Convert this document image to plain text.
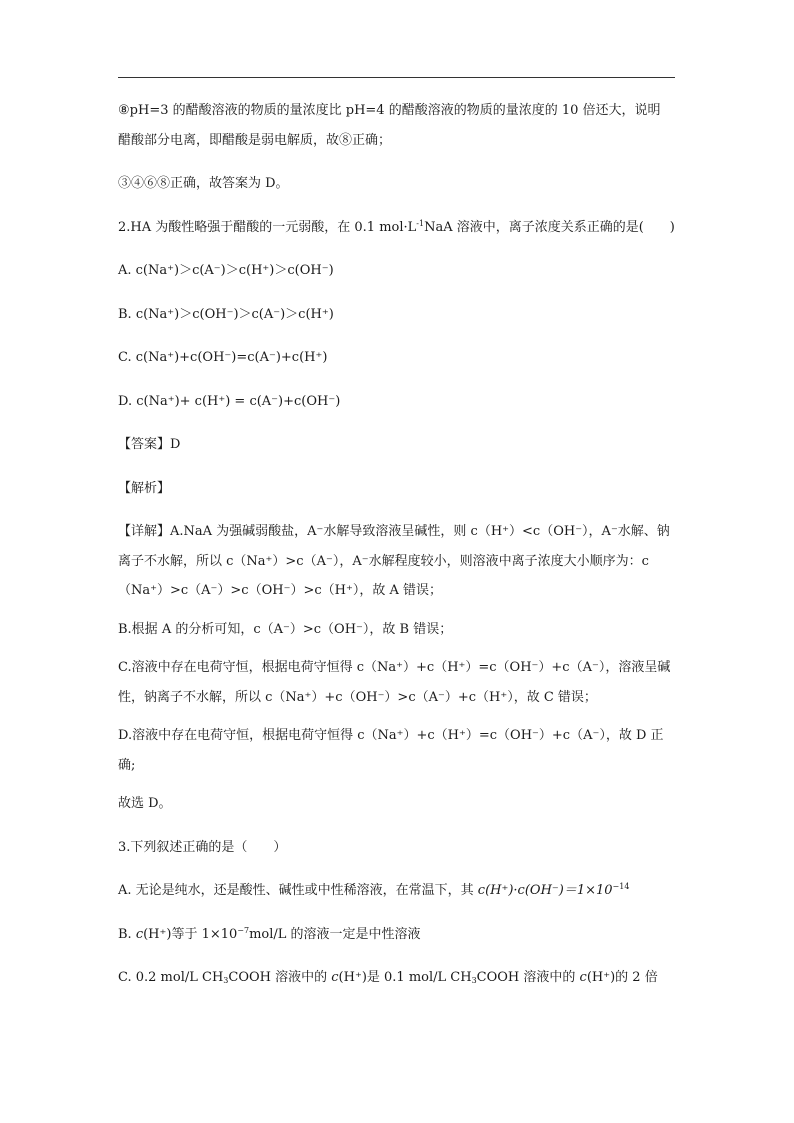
⑧pH=3 的醋酸溶液的物质的量浓度比 pH=4 的醋酸溶液的物质的量浓度的 10 倍还大，说明

醋酸部分电离，即醋酸是弱电解质，故⑧正确；

③④⑥⑧正确，故答案为 D。

2.HA 为酸性略强于醋酸的一元弱酸，在 0.1 $mol\cdot L^{-1}NaA$ 溶液中，离子浓度关系正确的是(　　)

A. c(Na⁺)＞c(A⁻)＞c(H⁺)＞c(OH⁻)

B. c(Na⁺)＞c(OH⁻)＞c(A⁻)＞c(H⁺)

C. c(Na⁺)+c(OH⁻)=c(A⁻)+c(H⁺)

D. c(Na⁺)+ c(H⁺) = c(A⁻)+c(OH⁻)

【答案】D

【解析】

【详解】A.NaA 为强碱弱酸盐，A⁻水解导致溶液呈碱性，则 c（H⁺）<c（OH⁻），A⁻水解、钠

离子不水解，所以 c（Na⁺）>c（A⁻），A⁻水解程度较小，则溶液中离子浓度大小顺序为：c

（Na⁺）>c（A⁻）>c（OH⁻）>c（H⁺），故 A 错误；

B.根据 A 的分析可知，c（A⁻）>c（OH⁻），故 B 错误；

C.溶液中存在电荷守恒，根据电荷守恒得 c（Na⁺）+c（H⁺）=c（OH⁻）+c（A⁻），溶液呈碱

性，钠离子不水解，所以 c（Na⁺）+c（OH⁻）>c（A⁻）+c（H⁺），故 C 错误；

D.溶液中存在电荷守恒，根据电荷守恒得 c（Na⁺）+c（H⁺）=c（OH⁻）+c（A⁻），故 D 正确;

故选 D。

3.下列叙述正确的是（　　）

A. 无论是纯水，还是酸性、碱性或中性稀溶液，在常温下，其 $c(H^+)\cdot c(OH^-)=1\times 10^{-14}$

B. c(H⁺)等于 $1\times 10^{-7}mol/L$ 的溶液一定是中性溶液

C. 0.2 mol/L $CH_3COOH$ 溶液中的 c(H⁺)是 0.1 mol/L $CH_3COOH$ 溶液中的 c(H⁺)的 2 倍
